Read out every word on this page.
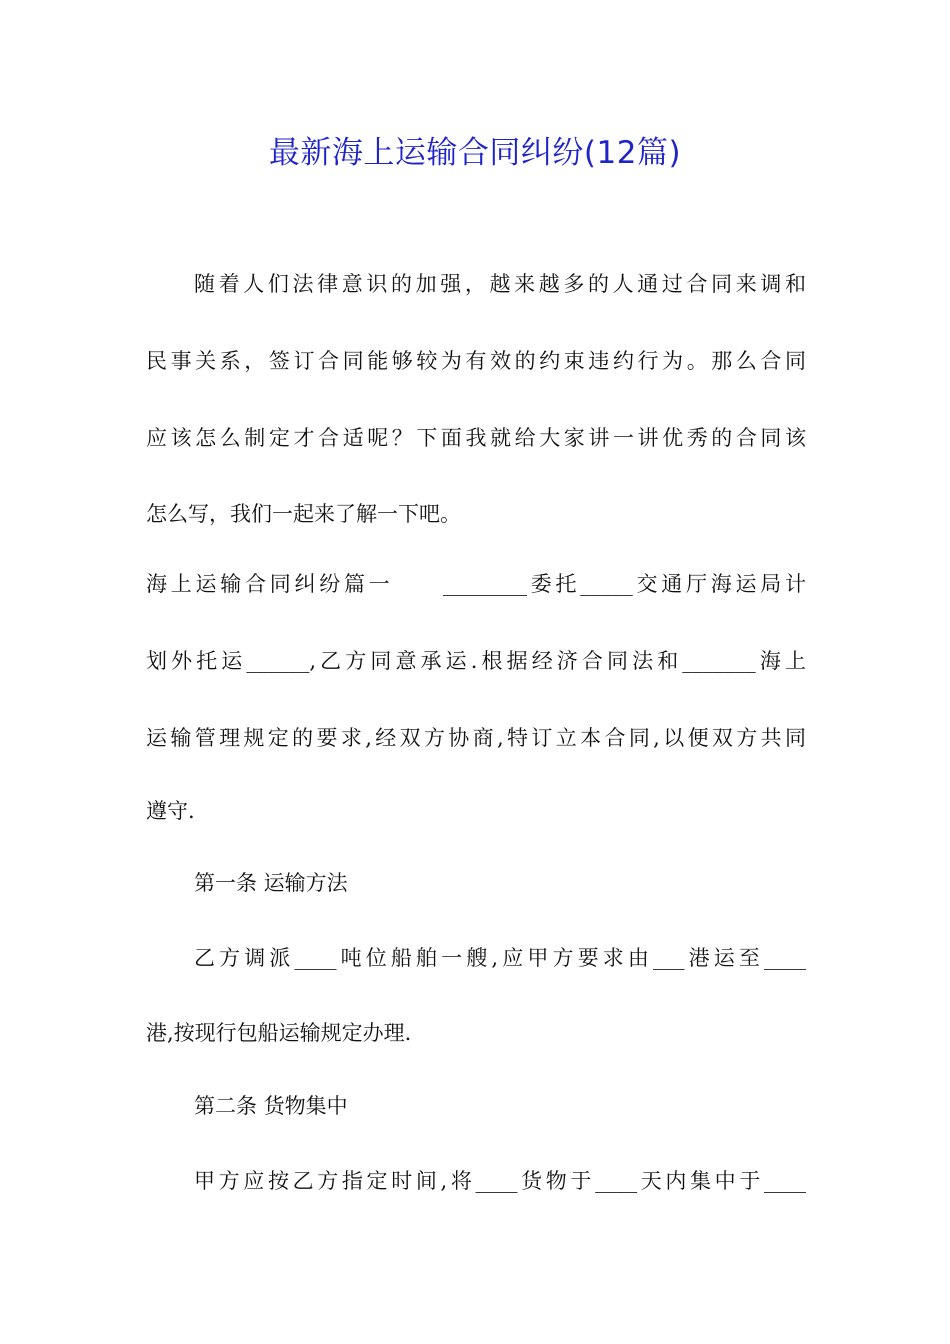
最新海上运输合同纠纷(12篇)
随着人们法律意识的加强，越来越多的人通过合同来调和
民事关系，签订合同能够较为有效的约束违约行为。那么合同
应该怎么制定才合适呢？下面我就给大家讲一讲优秀的合同该
怎么写，我们一起来了解一下吧。
海上运输合同纠纷篇一　　________委托_____交通厅海运局计
划外托运______,乙方同意承运.根据经济合同法和_______海上
运输管理规定的要求,经双方协商,特订立本合同,以便双方共同
遵守.
第一条 运输方法
乙方调派____吨位船舶一艘,应甲方要求由___港运至____
港,按现行包船运输规定办理.
第二条 货物集中
甲方应按乙方指定时间,将____货物于____天内集中于____
